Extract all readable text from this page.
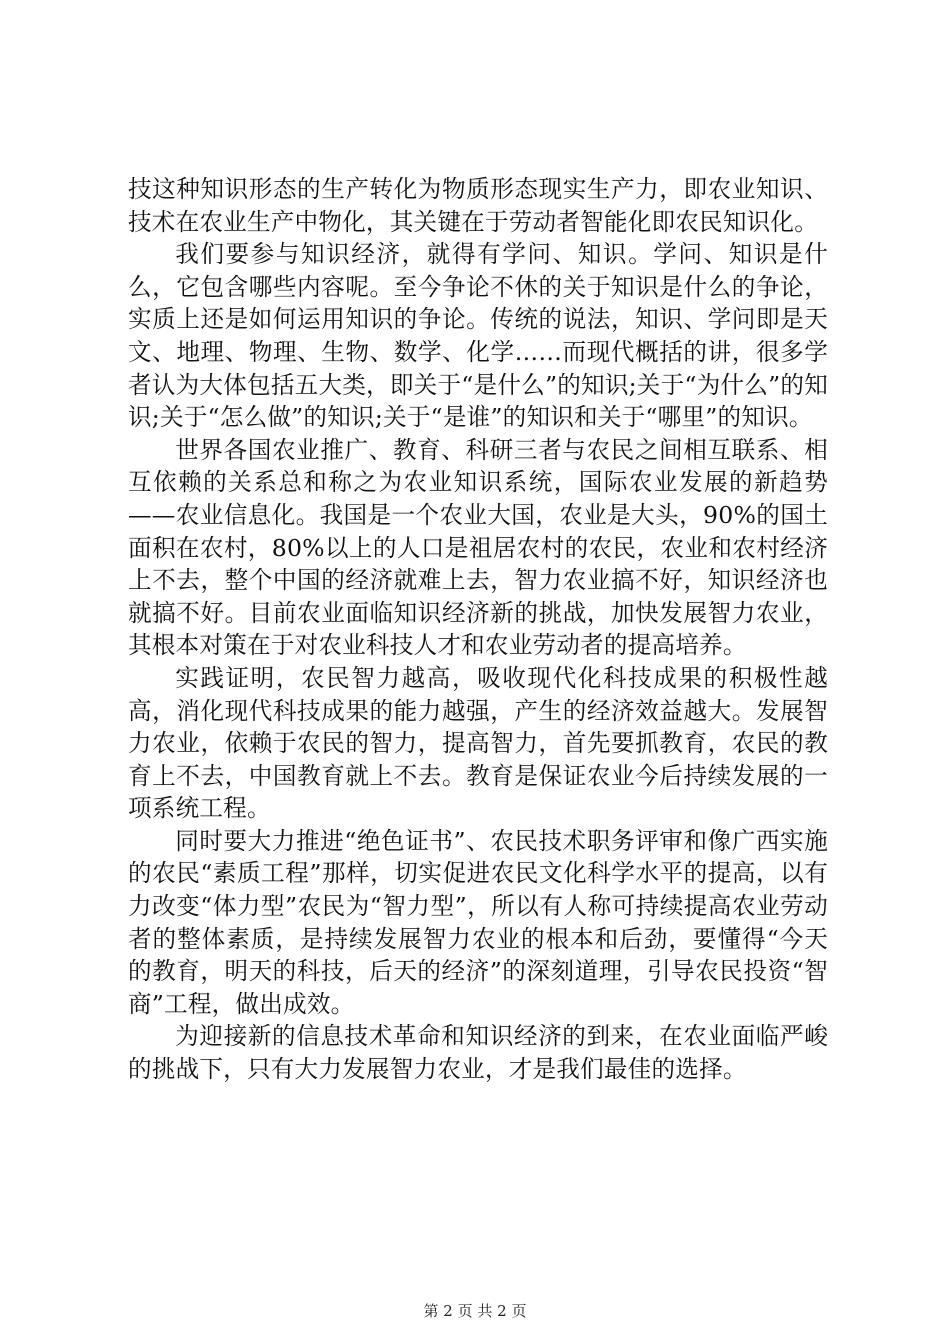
技这种知识形态的生产转化为物质形态现实生产力，即农业知识、技术在农业生产中物化，其关键在于劳动者智能化即农民知识化。

我们要参与知识经济，就得有学问、知识。学问、知识是什么，它包含哪些内容呢。至今争论不休的关于知识是什么的争论，实质上还是如何运用知识的争论。传统的说法，知识、学问即是天文、地理、物理、生物、数学、化学……而现代概括的讲，很多学者认为大体包括五大类，即关于“是什么”的知识;关于“为什么”的知识;关于“怎么做”的知识;关于“是谁”的知识和关于“哪里”的知识。

世界各国农业推广、教育、科研三者与农民之间相互联系、相互依赖的关系总和称之为农业知识系统，国际农业发展的新趋势——农业信息化。我国是一个农业大国，农业是大头，90%的国土面积在农村，80%以上的人口是祖居农村的农民，农业和农村经济上不去，整个中国的经济就难上去，智力农业搞不好，知识经济也就搞不好。目前农业面临知识经济新的挑战，加快发展智力农业，其根本对策在于对农业科技人才和农业劳动者的提高培养。

实践证明，农民智力越高，吸收现代化科技成果的积极性越高，消化现代科技成果的能力越强，产生的经济效益越大。发展智力农业，依赖于农民的智力，提高智力，首先要抓教育，农民的教育上不去，中国教育就上不去。教育是保证农业今后持续发展的一项系统工程。

同时要大力推进“绝色证书”、农民技术职务评审和像广西实施的农民“素质工程”那样，切实促进农民文化科学水平的提高，以有力改变“体力型”农民为“智力型”，所以有人称可持续提高农业劳动者的整体素质，是持续发展智力农业的根本和后劲，要懂得“今天的教育，明天的科技，后天的经济”的深刻道理，引导农民投资“智商”工程，做出成效。

为迎接新的信息技术革命和知识经济的到来，在农业面临严峻的挑战下，只有大力发展智力农业，才是我们最佳的选择。

第 2 页 共 2 页
